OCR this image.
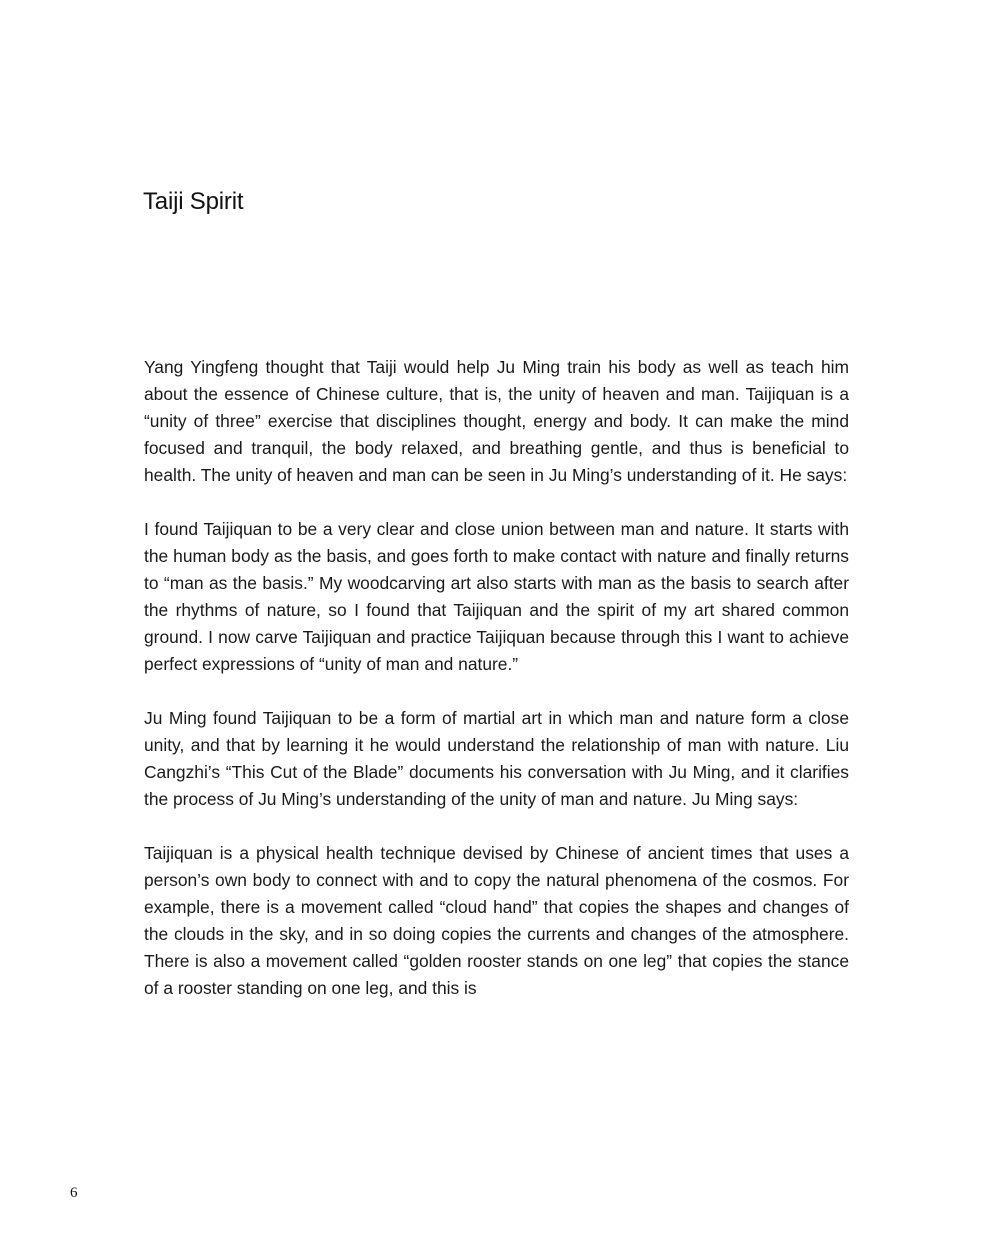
Taiji Spirit

Yang Yingfeng thought that Taiji would help Ju Ming train his body as well as teach him about the essence of Chinese culture, that is, the unity of heaven and man. Taijiquan is a “unity of three” exercise that disciplines thought, energy and body. It can make the mind focused and tranquil, the body relaxed, and breathing gentle, and thus is beneficial to health. The unity of heaven and man can be seen in Ju Ming’s understanding of it. He says:

I found Taijiquan to be a very clear and close union between man and nature. It starts with the human body as the basis, and goes forth to make contact with nature and finally returns to “man as the basis.” My woodcarving art also starts with man as the basis to search after the rhythms of nature, so I found that Taijiquan and the spirit of my art shared common ground. I now carve Taijiquan and practice Taijiquan because through this I want to achieve perfect expressions of “unity of man and nature.”

Ju Ming found Taijiquan to be a form of martial art in which man and nature form a close unity, and that by learning it he would understand the relationship of man with nature. Liu Cangzhi’s “This Cut of the Blade” documents his conversation with Ju Ming, and it clarifies the process of Ju Ming’s understanding of the unity of man and nature. Ju Ming says:

Taijiquan is a physical health technique devised by Chinese of ancient times that uses a person’s own body to connect with and to copy the natural phenomena of the cosmos. For example, there is a movement called “cloud hand” that copies the shapes and changes of the clouds in the sky, and in so doing copies the currents and changes of the atmosphere. There is also a movement called “golden rooster stands on one leg” that copies the stance of a rooster standing on one leg, and this is

6
